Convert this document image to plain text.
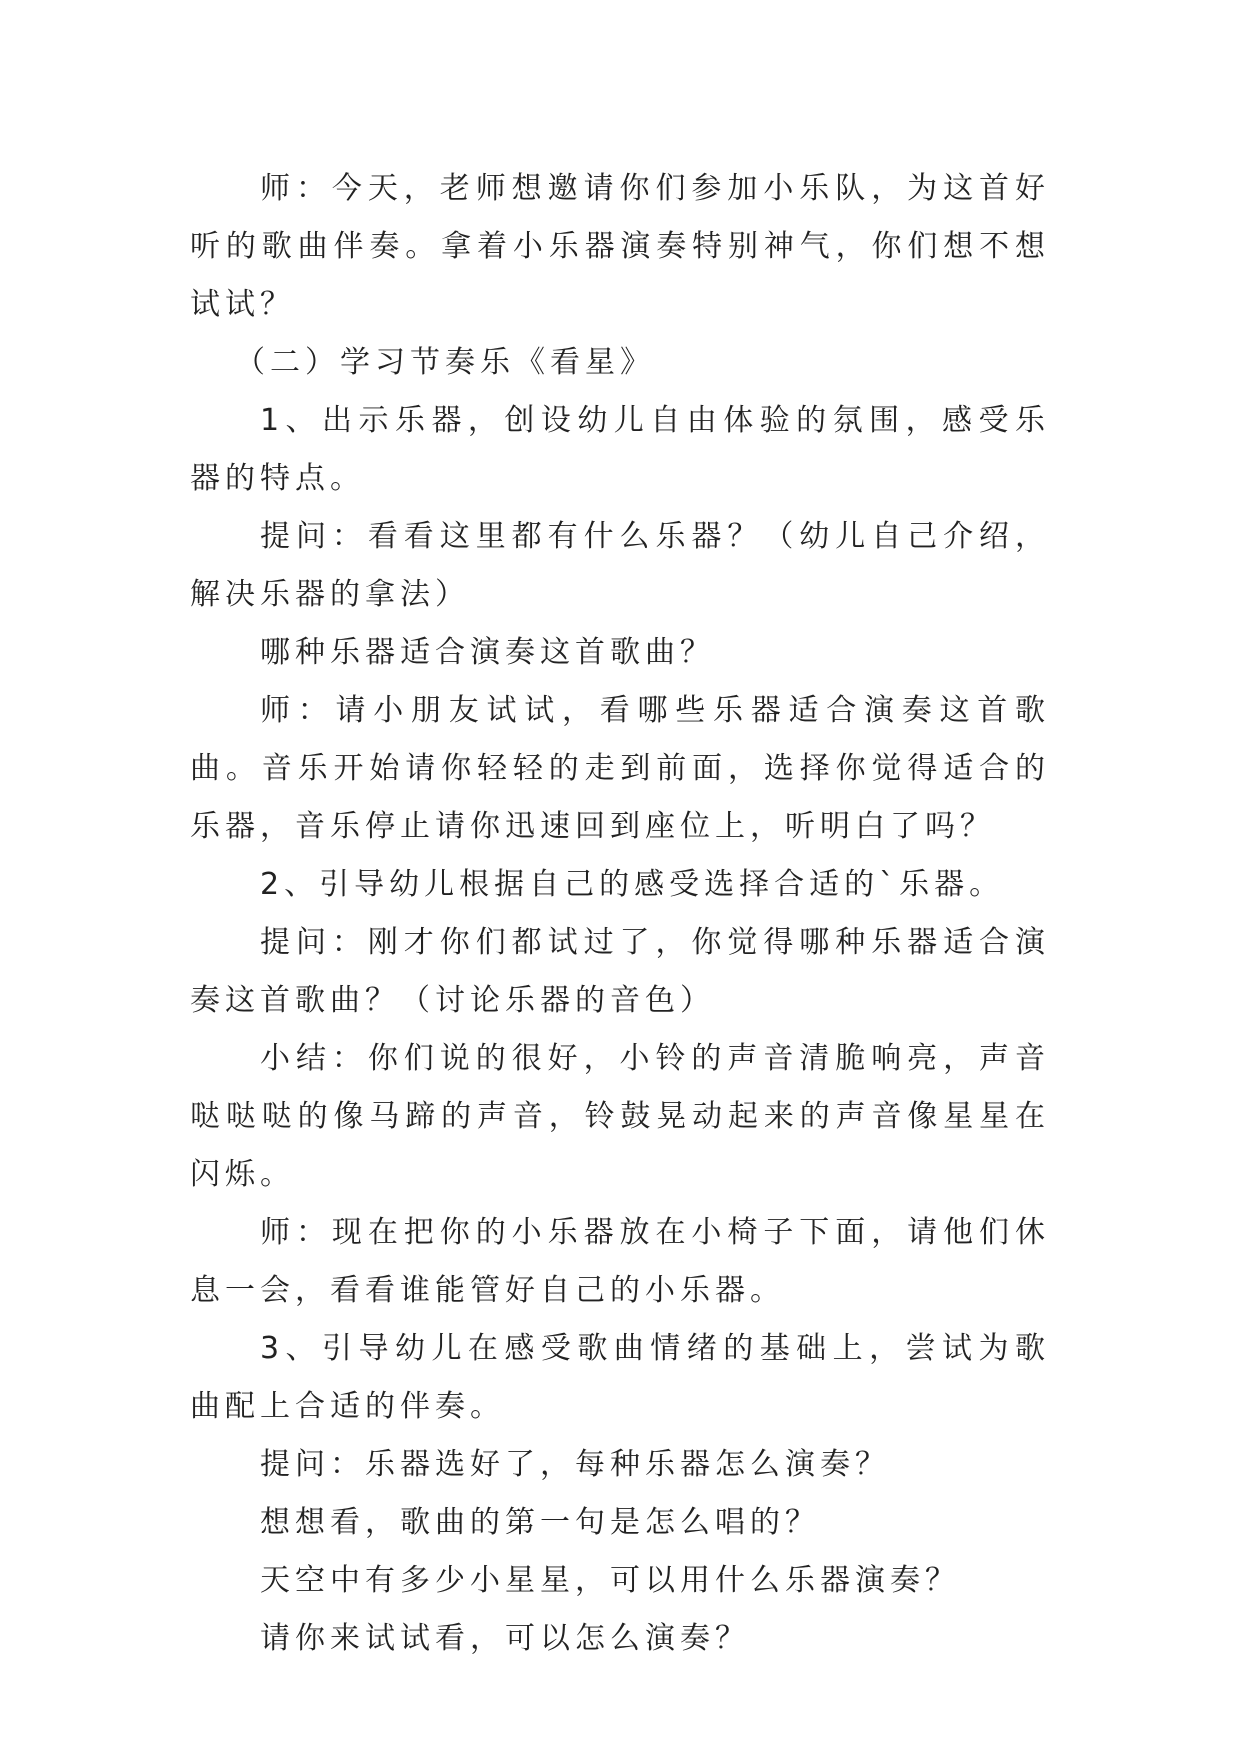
师：今天，老师想邀请你们参加小乐队，为这首好听的歌曲伴奏。拿着小乐器演奏特别神气，你们想不想试试？

（二）学习节奏乐《看星》

1、出示乐器，创设幼儿自由体验的氛围，感受乐器的特点。

提问：看看这里都有什么乐器？（幼儿自己介绍，解决乐器的拿法）

哪种乐器适合演奏这首歌曲？

师：请小朋友试试，看哪些乐器适合演奏这首歌曲。音乐开始请你轻轻的走到前面，选择你觉得适合的乐器，音乐停止请你迅速回到座位上，听明白了吗？

2、引导幼儿根据自己的感受选择合适的`乐器。

提问：刚才你们都试过了，你觉得哪种乐器适合演奏这首歌曲？（讨论乐器的音色）

小结：你们说的很好，小铃的声音清脆响亮，声音哒哒哒的像马蹄的声音，铃鼓晃动起来的声音像星星在闪烁。

师：现在把你的小乐器放在小椅子下面，请他们休息一会，看看谁能管好自己的小乐器。

3、引导幼儿在感受歌曲情绪的基础上，尝试为歌曲配上合适的伴奏。

提问：乐器选好了，每种乐器怎么演奏？

想想看，歌曲的第一句是怎么唱的？

天空中有多少小星星，可以用什么乐器演奏？

请你来试试看，可以怎么演奏？
